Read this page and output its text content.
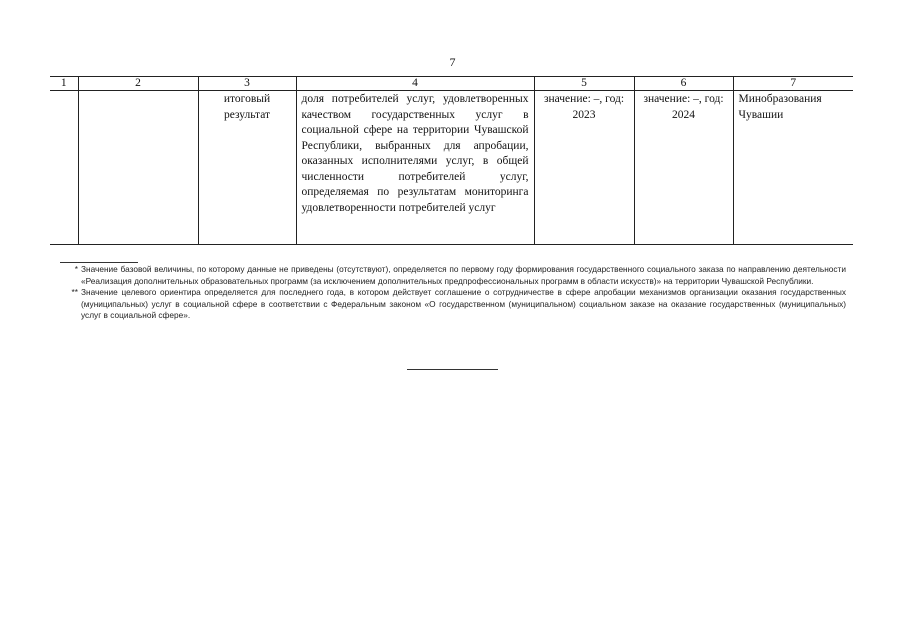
7
1	2	3	4	5	6	7
		итоговый результат	доля потребителей услуг, удовлетворенных качеством государственных услуг в социальной сфере на территории Чувашской Республики, выбранных для апробации, оказанных исполнителями услуг, в общей численности потребителей услуг, определяемая по результатам мониторинга удовлетворенности потребителей услуг	значение: –, год: 2023	значение: –, год: 2024	Минобразования Чувашии
* Значение базовой величины, по которому данные не приведены (отсутствуют), определяется по первому году формирования государственного социального заказа по направлению деятельности «Реализация дополнительных образовательных программ (за исключением дополнительных предпрофессиональных программ в области искусств)» на территории Чувашской Республики.
** Значение целевого ориентира определяется для последнего года, в котором действует соглашение о сотрудничестве в сфере апробации механизмов организации оказания государственных (муниципальных) услуг в социальной сфере в соответствии с Федеральным законом «О государственном (муниципальном) социальном заказе на оказание государственных (муниципальных) услуг в социальной сфере».
